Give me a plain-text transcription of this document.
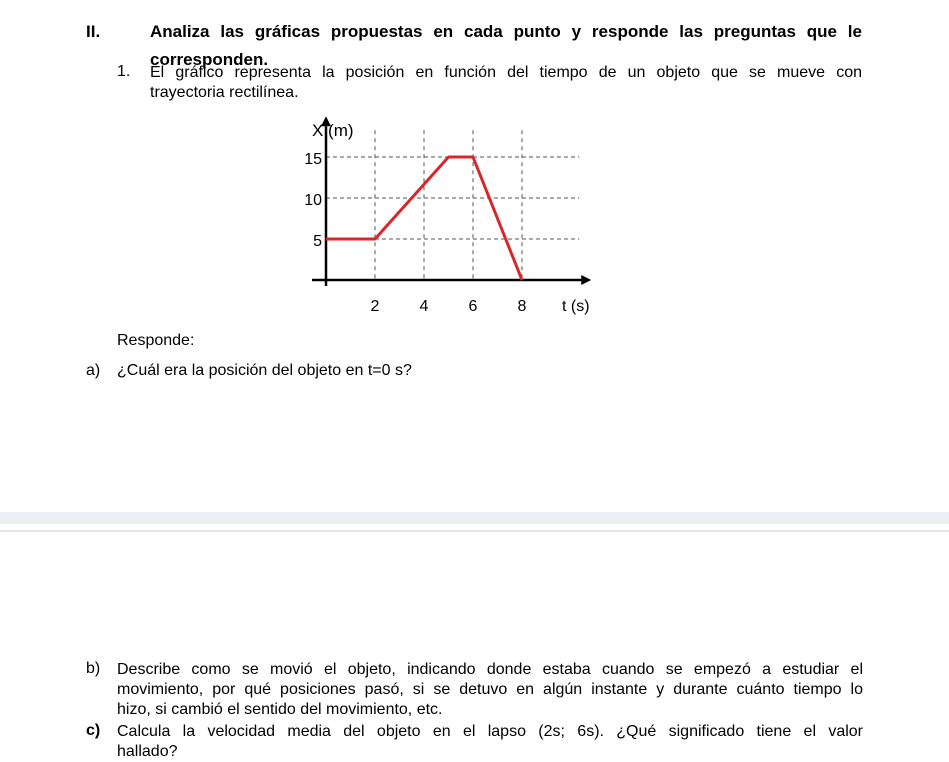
II.	Analiza las gráficas propuestas en cada punto y responde las preguntas que le
corresponden.
1. El gráfico representa la posición en función del tiempo de un objeto que se mueve con
trayectoria rectilínea.
X (m)
t (s)
2	4	6	8
5
10
15
Responde:
a) ¿Cuál era la posición del objeto en t=0 s?
b) Describe como se movió el objeto, indicando donde estaba cuando se empezó a estudiar el
movimiento, por qué posiciones pasó, si se detuvo en algún instante y durante cuánto tiempo lo
hizo, si cambió el sentido del movimiento, etc.
c) Calcula la velocidad media del objeto en el lapso (2s; 6s). ¿Qué significado tiene el valor
hallado?
